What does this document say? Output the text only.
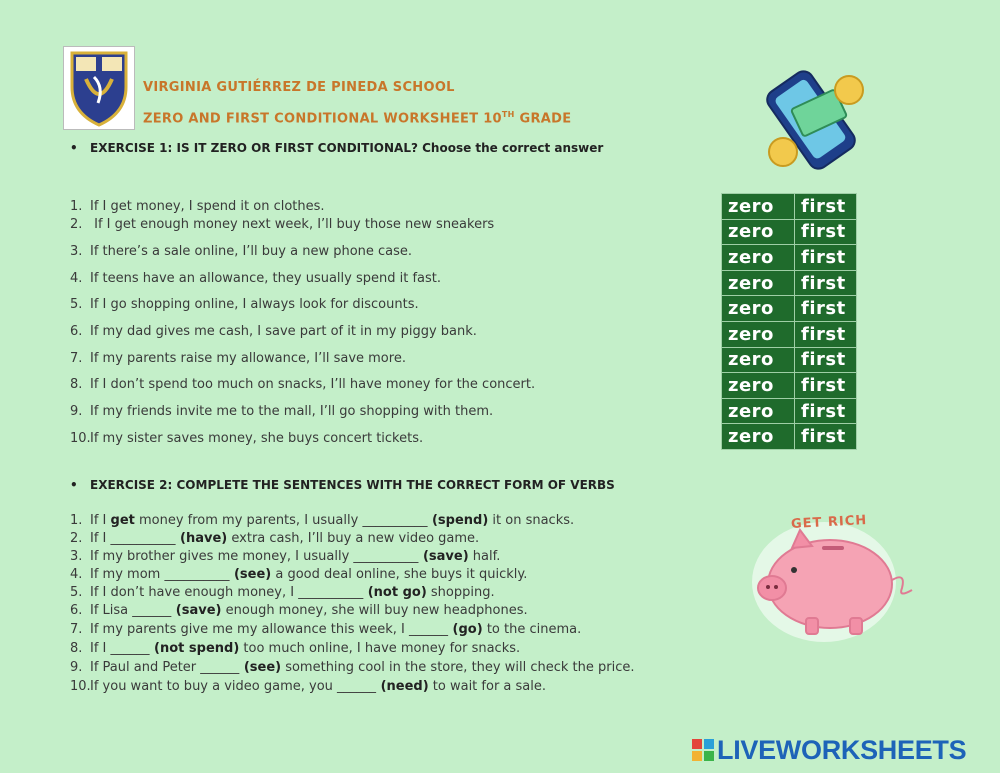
VIRGINIA GUTIÉRREZ DE PINEDA SCHOOL
ZERO AND FIRST CONDITIONAL WORKSHEET 10TH GRADE
• EXERCISE 1: IS IT ZERO OR FIRST CONDITIONAL? Choose the correct answer
1. If I get money, I spend it on clothes.
2. If I get enough money next week, I’ll buy those new sneakers
3. If there’s a sale online, I’ll buy a new phone case.
4. If teens have an allowance, they usually spend it fast.
5. If I go shopping online, I always look for discounts.
6. If my dad gives me cash, I save part of it in my piggy bank.
7. If my parents raise my allowance, I’ll save more.
8. If I don’t spend too much on snacks, I’ll have money for the concert.
9. If my friends invite me to the mall, I’ll go shopping with them.
10.If my sister saves money, she buys concert tickets.
zero	first
zero	first
zero	first
zero	first
zero	first
zero	first
zero	first
zero	first
zero	first
zero	first
• EXERCISE 2: COMPLETE THE SENTENCES WITH THE CORRECT FORM OF VERBS
1. If I get money from my parents, I usually __________ (spend) it on snacks.
2. If I __________ (have) extra cash, I’ll buy a new video game.
3. If my brother gives me money, I usually __________ (save) half.
4. If my mom __________ (see) a good deal online, she buys it quickly.
5. If I don’t have enough money, I __________ (not go) shopping.
6. If Lisa ______ (save) enough money, she will buy new headphones.
7. If my parents give me my allowance this week, I ______ (go) to the cinema.
8. If I ______ (not spend) too much online, I have money for snacks.
9. If Paul and Peter ______ (see) something cool in the store, they will check the price.
10.If you want to buy a video game, you ______ (need) to wait for a sale.
GET RICH
LIVEWORKSHEETS
